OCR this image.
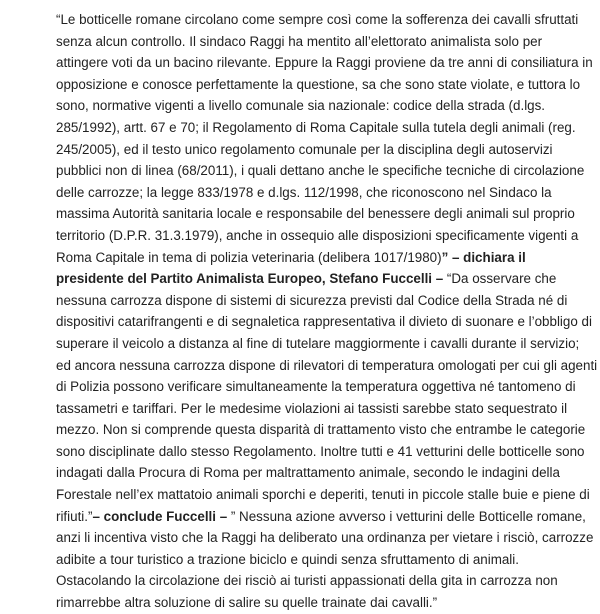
“Le botticelle romane circolano come sempre così come la sofferenza dei cavalli sfruttati
senza alcun controllo. Il sindaco Raggi ha mentito all’elettorato animalista solo per
attingere voti da un bacino rilevante. Eppure la Raggi proviene da tre anni di consiliatura in
opposizione e conosce perfettamente la questione, sa che sono state violate, e tuttora lo
sono, normative vigenti a livello comunale sia nazionale: codice della strada (d.lgs.
285/1992), artt. 67 e 70; il Regolamento di Roma Capitale sulla tutela degli animali (reg.
245/2005), ed il testo unico regolamento comunale per la disciplina degli autoservizi
pubblici non di linea (68/2011), i quali dettano anche le specifiche tecniche di circolazione
delle carrozze; la legge 833/1978 e d.lgs. 112/1998, che riconoscono nel Sindaco la
massima Autorità sanitaria locale e responsabile del benessere degli animali sul proprio
territorio (D.P.R. 31.3.1979), anche in ossequio alle disposizioni specificamente vigenti a
Roma Capitale in tema di polizia veterinaria (delibera 1017/1980)” – dichiara il
presidente del Partito Animalista Europeo, Stefano Fuccelli – “Da osservare che
nessuna carrozza dispone di sistemi di sicurezza previsti dal Codice della Strada né di
dispositivi catarifrangenti e di segnaletica rappresentativa il divieto di suonare e l’obbligo di
superare il veicolo a distanza al fine di tutelare maggiormente i cavalli durante il servizio;
ed ancora nessuna carrozza dispone di rilevatori di temperatura omologati per cui gli agenti
di Polizia possono verificare simultaneamente la temperatura oggettiva né tantomeno di
tassametri e tariffari. Per le medesime violazioni ai tassisti sarebbe stato sequestrato il
mezzo. Non si comprende questa disparità di trattamento visto che entrambe le categorie
sono disciplinate dallo stesso Regolamento. Inoltre tutti e 41 vetturini delle botticelle sono
indagati dalla Procura di Roma per maltrattamento animale, secondo le indagini della
Forestale nell’ex mattatoio animali sporchi e deperiti, tenuti in piccole stalle buie e piene di
rifiuti.”– conclude Fuccelli – ” Nessuna azione avverso i vetturini delle Botticelle romane,
anzi li incentiva visto che la Raggi ha deliberato una ordinanza per vietare i risciò, carrozze
adibite a tour turistico a trazione biciclo e quindi senza sfruttamento di animali.
Ostacolando la circolazione dei risciò ai turisti appassionati della gita in carrozza non
rimarrebbe altra soluzione di salire su quelle trainate dai cavalli.”
